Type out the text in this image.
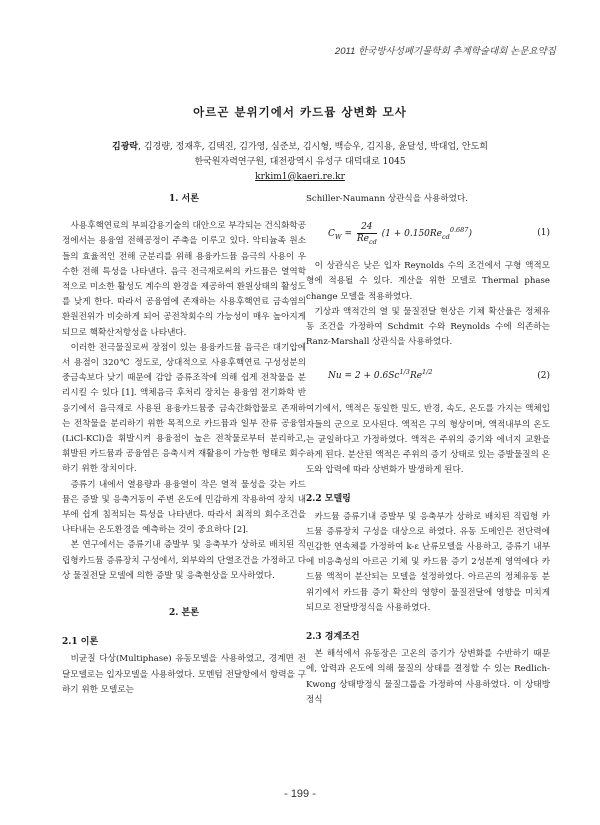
2011 한국방사성폐기물학회 추계학술대회 논문요약집
아르곤 분위기에서 카드뮴 상변화 모사
김광락, 김경량, 정재후, 김택진, 김가영, 심준보, 김시형, 백승우, 김지용, 윤달성, 박대업, 안도희
한국원자력연구원, 대전광역시 유성구 대덕대로 1045
krkim1@kaeri.re.kr
1. 서론

사용후핵연료의 부피감용기술의 대안으로 부각되는 건식화학공정에서는 용융염 전해공정이 주축을 이루고 있다. 악티늄족 원소들의 효율적인 전해 군분리를 위해 용융카드뮴 음극의 사용이 우수한 전해 특성을 나타낸다. 음극 전극재로써의 카드뮴은 열역학적으로 미소한 활성도 계수의 환경을 제공하여 환원상태의 활성도를 낮게 한다. 따라서 공융염에 존재하는 사용후핵연료 금속염의 환원전위가 비슷하게 되어 공전착회수의 가능성이 매우 높아지게 되므로 핵확산저항성을 나타낸다.

이러한 전극물질로써 장점이 있는 용융카드뮴 음극은 대기압에서 용점이 320℃ 정도로, 상대적으로 사용후핵연료 구성성분의 중금속보다 낮기 때문에 감압 증류조작에 의해 쉽게 전착물을 분리시킬 수 있다 [1]. 액체음극 후처리 장치는 용융염 전기화학 반응기에서 음극재로 사용된 용융카드뮴중 금속간화합물로 존재하는 전착물을 분리하기 위한 목적으로 카드뮴과 일부 잔류 공융염(LiCl-KCl)을 휘발시켜 용융점이 높은 전착물로부터 분리하고, 휘발된 카드뮴과 공융염은 응축시켜 재활용이 가능한 형태로 회수하기 위한 장치이다.

증류기 내에서 열용량과 용융열이 작은 열적 물성을 갖는 카드뮴은 증발 및 응축거동이 주변 온도에 민감하게 작용하여 장치 내부에 쉽게 침적되는 특성을 나타낸다. 따라서 최적의 회수조건을 나타내는 온도환경을 예측하는 것이 중요하다 [2].

본 연구에서는 증류기내 증발부 및 응축부가 상하로 배치된 직립형카드뮴 증류장치 구성에서, 외부와의 단열조건을 가정하고 다상 물질전달 모델에 의한 증발 및 응축현상을 모사하였다.

2. 본론
2.1 이론

비균질 다상(Multiphase) 유동모델을 사용하였고, 경계면 전달모델로는 입자모델을 사용하였다. 모멘텀 전달항에서 항력을 구하기 위한 모델로는

Schiller-Naumann 상관식을 사용하였다.

$C_W = \frac{24}{Re_{cd}} (1 + 0.150Re_{cd}^{0.687})$	(1)

이 상관식은 낮은 입자 Reynolds 수의 조건에서 구형 액적모형에 적용될 수 있다. 계산을 위한 모델로 Thermal phase change 모델을 적용하였다.

기상과 액적간의 열 및 물질전달 현상은 기체 확산율은 정체유동 조건을 가정하여 Schdmit 수와 Reynolds 수에 의존하는 Ranz-Marshall 상관식을 사용하였다.

$Nu = 2 + 0.6Sc^{1/3}Re^{1/2}$	(2)

여기에서, 액적은 동일한 밀도, 반경, 속도, 온도를 가지는 액체입자들의 군으로 모사된다. 액적은 구의 형상이며, 액적내부의 온도는 균일하다고 가정하였다. 액적은 주위의 증기와 에너지 교환을 하게 된다. 분산된 액적은 주위의 증기 상태로 있는 증발물질의 온도와 압력에 따라 상변화가 발생하게 된다.

2.2 모델링

카드뮴 증류기내 증발부 및 응축부가 상하로 배치된 직립형 카드뮴 증류장치 구성을 대상으로 하였다. 유동 도메인은 전단력에 민감한 연속체를 가정하여 k-ε 난류모델을 사용하고, 증류기 내부에 비응축성의 아르곤 기체 및 카드뮴 증기 2성분계 영역에다 카드뮴 액적이 분산되는 모델을 설정하였다. 아르곤의 정체유동 분위기에서 카드뮴 증기 확산의 영향이 물질전달에 영향을 미치게 되므로 전달방정식을 사용하였다.

2.3 경계조건

본 해석에서 유동장은 고온의 증기가 상변화를 수반하기 때문에, 압력과 온도에 의해 물질의 상태를 결정할 수 있는 Redlich-Kwong 상태방정식 물질그룹을 가정하여 사용하였다. 이 상태방정식

- 199 -
